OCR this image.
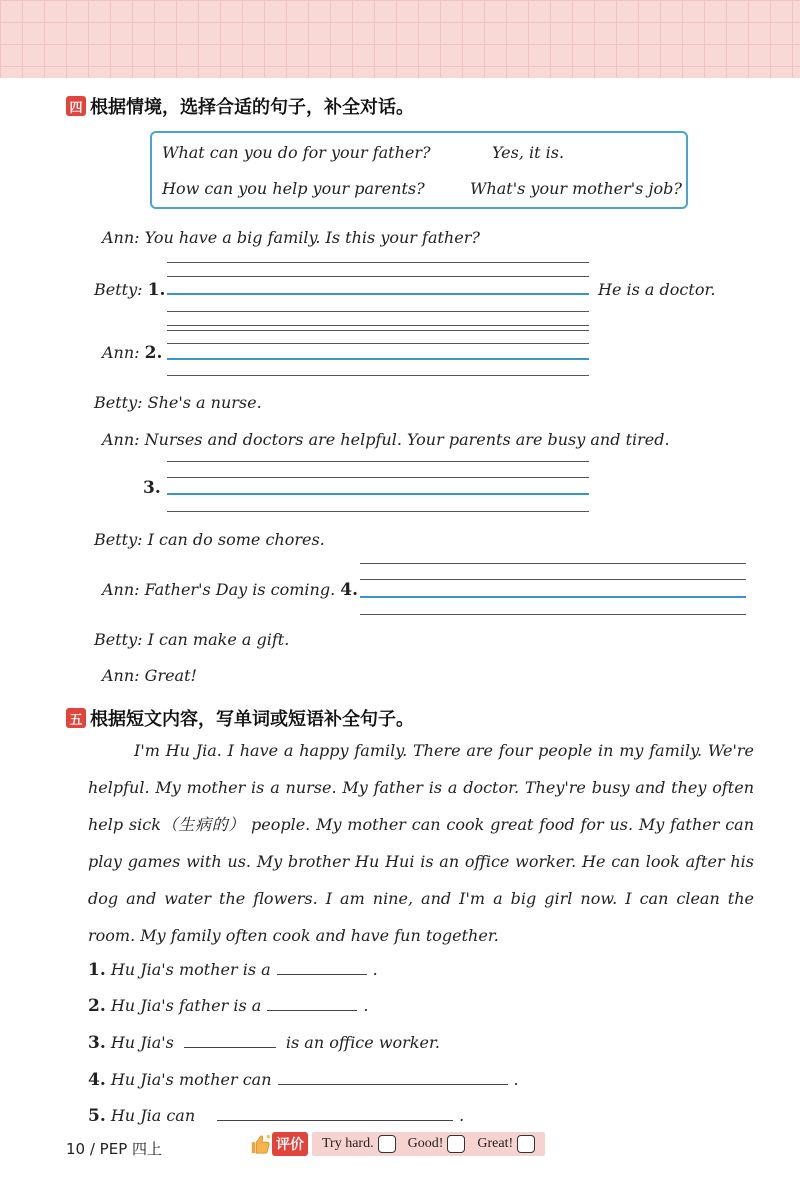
四 根据情境，选择合适的句子，补全对话。
What can you do for your father?	Yes, it is.
How can you help your parents?	What's your mother's job?
Ann: You have a big family. Is this your father?
Betty: 1.	He is a doctor.
Ann: 2.
Betty: She's a nurse.
Ann: Nurses and doctors are helpful. Your parents are busy and tired.
3.
Betty: I can do some chores.
Ann: Father's Day is coming. 4.
Betty: I can make a gift.
Ann: Great!
五 根据短文内容，写单词或短语补全句子。
I'm Hu Jia. I have a happy family. There are four people in my family. We're helpful. My mother is a nurse. My father is a doctor. They're busy and they often help sick（生病的） people. My mother can cook great food for us. My father can play games with us. My brother Hu Hui is an office worker. He can look after his dog and water the flowers. I am nine, and I'm a big girl now. I can clean the room. My family often cook and have fun together.
1.
Hu Jia's mother is a	.
2.
Hu Jia's father is a	.
3.
Hu Jia's	is an office worker.
4.
Hu Jia's mother can	.
5.
Hu Jia can	.
10 / PEP 四上	评价 Try hard. Good! Great!
